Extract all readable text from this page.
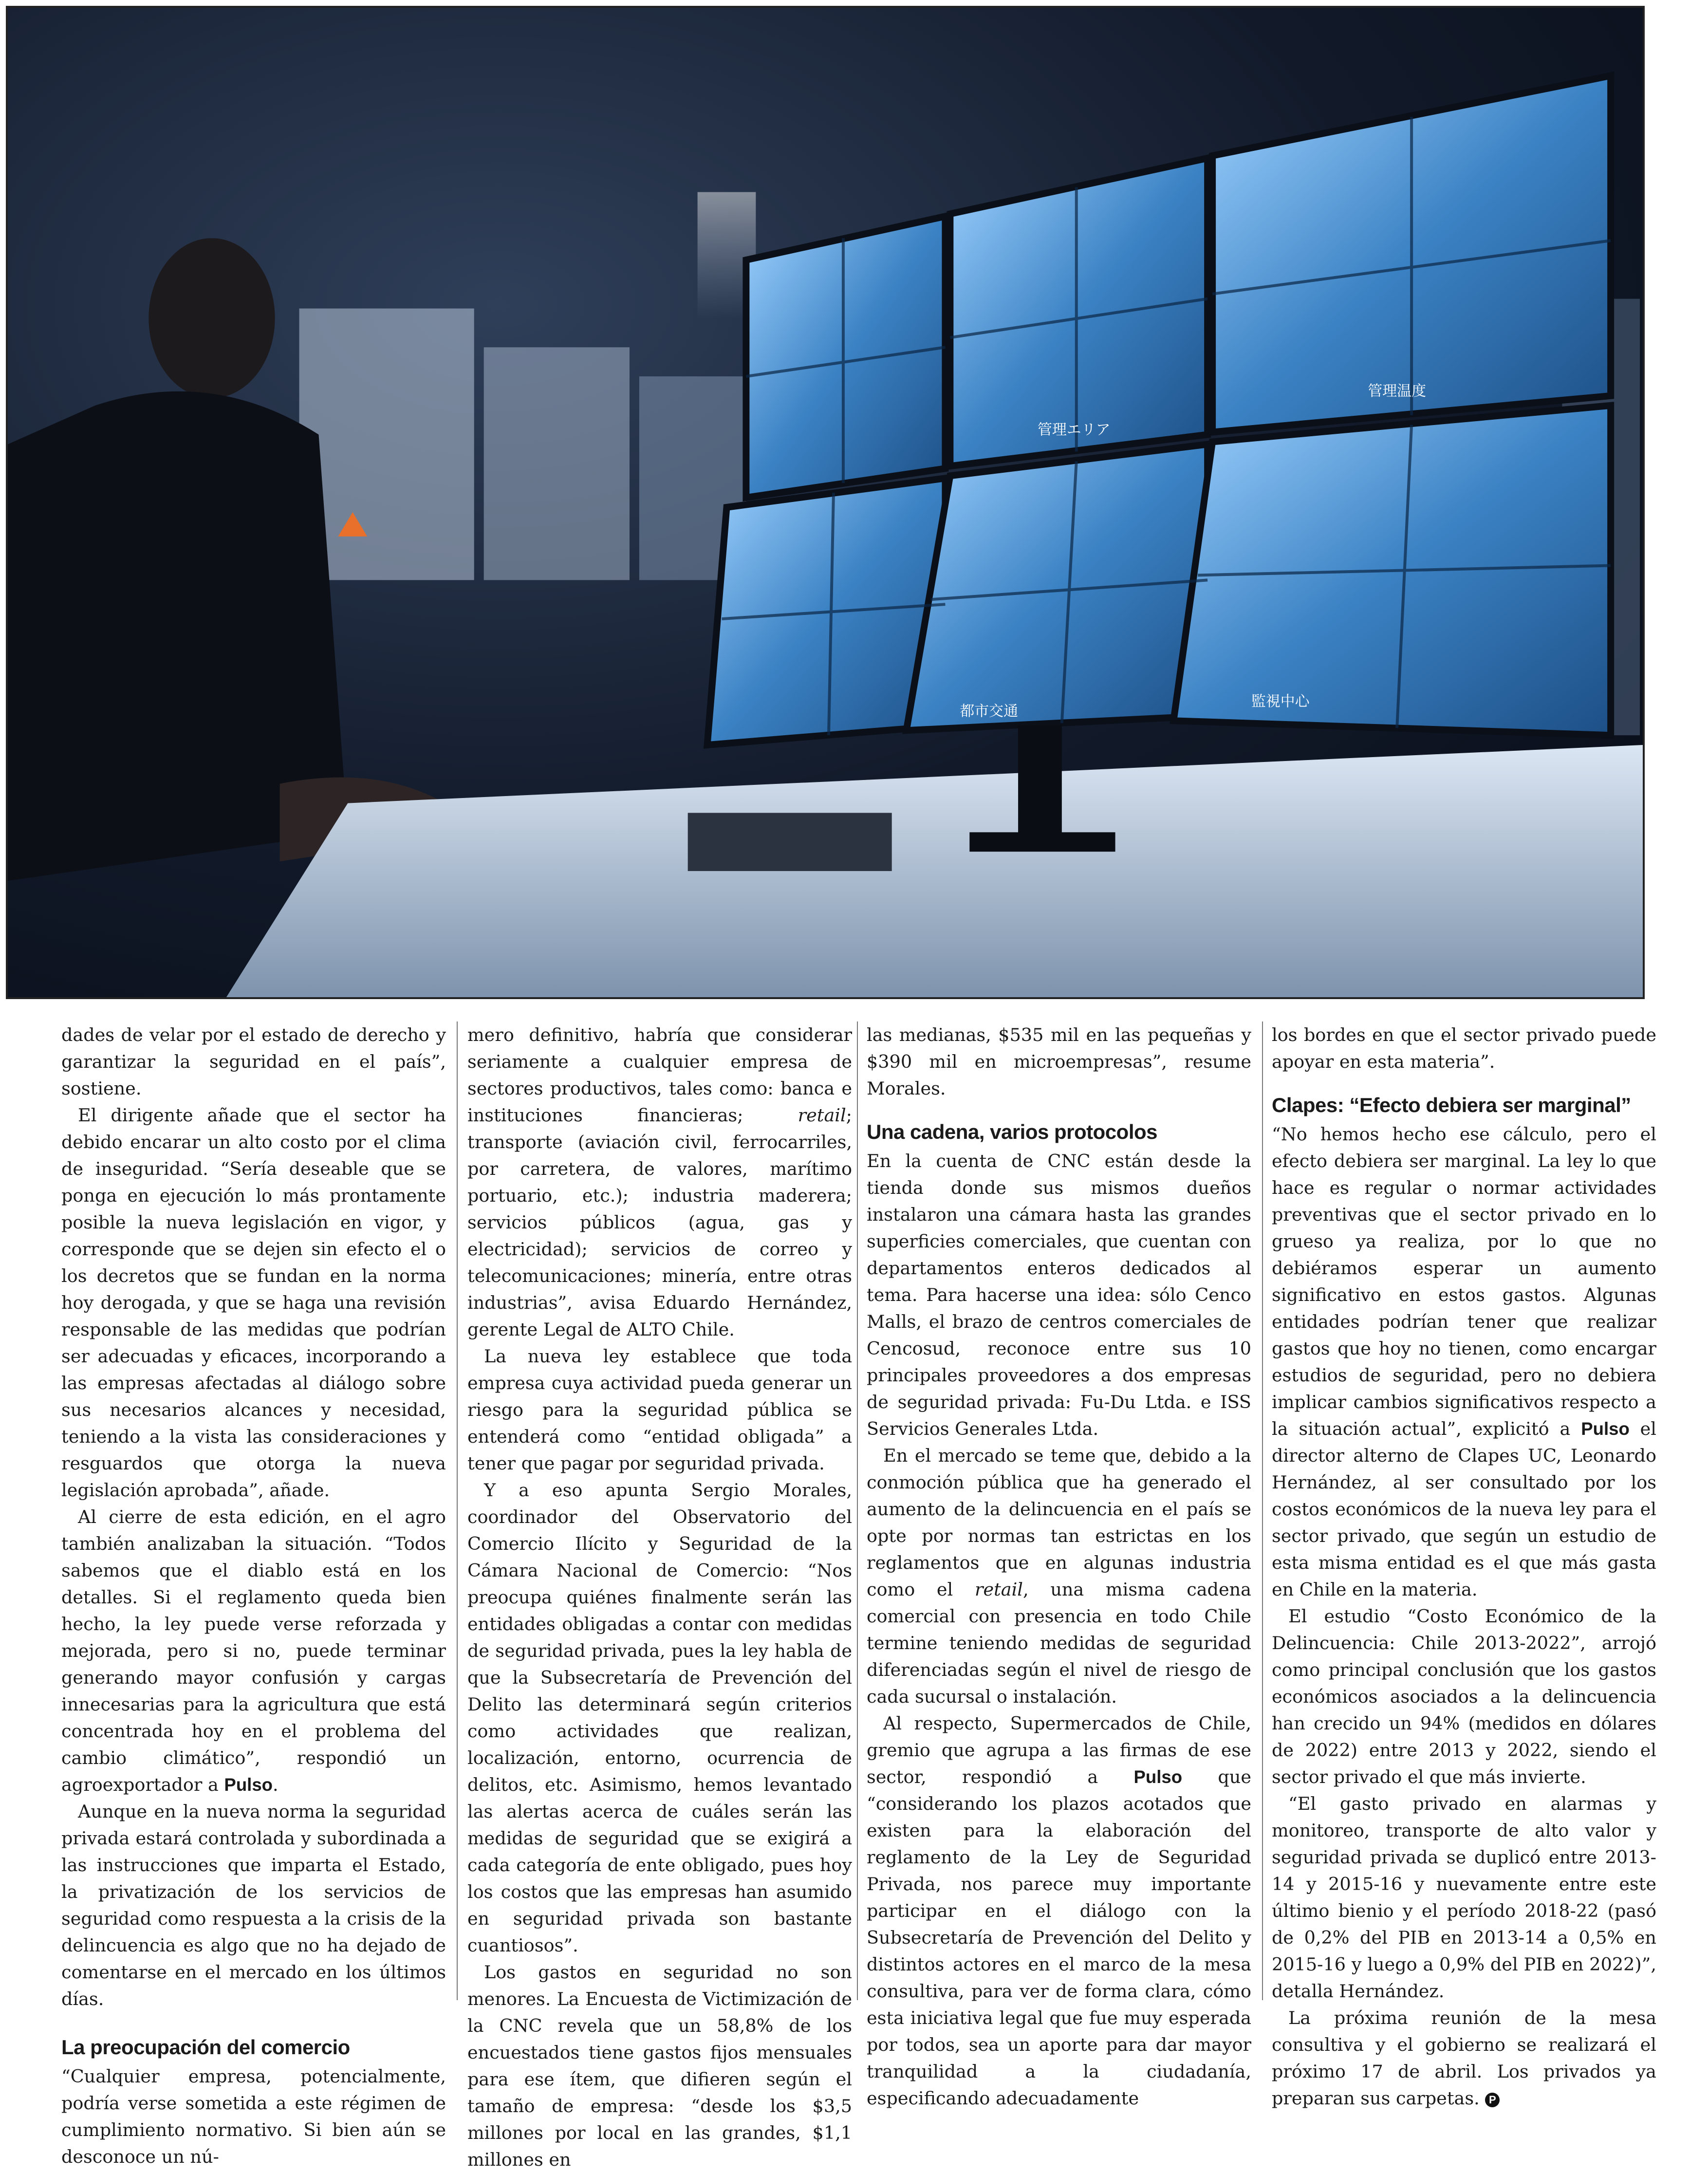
管理エリア
管理温度
都市交通
監視中心

dades de velar por el estado de derecho y garantizar la seguridad en el país”, sostiene.

El dirigente añade que el sector ha debido encarar un alto costo por el clima de inseguridad. “Sería deseable que se ponga en ejecución lo más prontamente posible la nueva legislación en vigor, y corresponde que se dejen sin efecto el o los decretos que se fundan en la norma hoy derogada, y que se haga una revisión responsable de las medidas que podrían ser adecuadas y eficaces, incorporando a las empresas afectadas al diálogo sobre sus necesarios alcances y necesidad, teniendo a la vista las consideraciones y resguardos que otorga la nueva legislación aprobada”, añade.

Al cierre de esta edición, en el agro también analizaban la situación. “Todos sabemos que el diablo está en los detalles. Si el reglamento queda bien hecho, la ley puede verse reforzada y mejorada, pero si no, puede terminar generando mayor confusión y cargas innecesarias para la agricultura que está concentrada hoy en el problema del cambio climático”, respondió un agroexportador a Pulso.

Aunque en la nueva norma la seguridad privada estará controlada y subordinada a las instrucciones que imparta el Estado, la privatización de los servicios de seguridad como respuesta a la crisis de la delincuencia es algo que no ha dejado de comentarse en el mercado en los últimos días.

La preocupación del comercio

“Cualquier empresa, potencialmente, podría verse sometida a este régimen de cumplimiento normativo. Si bien aún se desconoce un nú-

mero definitivo, habría que considerar seriamente a cualquier empresa de sectores productivos, tales como: banca e instituciones financieras; retail; transporte (aviación civil, ferrocarriles, por carretera, de valores, marítimo portuario, etc.); industria maderera; servicios públicos (agua, gas y electricidad); servicios de correo y telecomunicaciones; minería, entre otras industrias”, avisa Eduardo Hernández, gerente Legal de ALTO Chile.

La nueva ley establece que toda empresa cuya actividad pueda generar un riesgo para la seguridad pública se entenderá como “entidad obligada” a tener que pagar por seguridad privada.

Y a eso apunta Sergio Morales, coordinador del Observatorio del Comercio Ilícito y Seguridad de la Cámara Nacional de Comercio: “Nos preocupa quiénes finalmente serán las entidades obligadas a contar con medidas de seguridad privada, pues la ley habla de que la Subsecretaría de Prevención del Delito las determinará según criterios como actividades que realizan, localización, entorno, ocurrencia de delitos, etc. Asimismo, hemos levantado las alertas acerca de cuáles serán las medidas de seguridad que se exigirá a cada categoría de ente obligado, pues hoy los costos que las empresas han asumido en seguridad privada son bastante cuantiosos”.

Los gastos en seguridad no son menores. La Encuesta de Victimización de la CNC revela que un 58,8% de los encuestados tiene gastos fijos mensuales para ese ítem, que difieren según el tamaño de empresa: “desde los $3,5 millones por local en las grandes, $1,1 millones en

las medianas, $535 mil en las pequeñas y $390 mil en microempresas”, resume Morales.

Una cadena, varios protocolos

En la cuenta de CNC están desde la tienda donde sus mismos dueños instalaron una cámara hasta las grandes superficies comerciales, que cuentan con departamentos enteros dedicados al tema. Para hacerse una idea: sólo Cenco Malls, el brazo de centros comerciales de Cencosud, reconoce entre sus 10 principales proveedores a dos empresas de seguridad privada: Fu-Du Ltda. e ISS Servicios Generales Ltda.

En el mercado se teme que, debido a la conmoción pública que ha generado el aumento de la delincuencia en el país se opte por normas tan estrictas en los reglamentos que en algunas industria como el retail, una misma cadena comercial con presencia en todo Chile termine teniendo medidas de seguridad diferenciadas según el nivel de riesgo de cada sucursal o instalación.

Al respecto, Supermercados de Chile, gremio que agrupa a las firmas de ese sector, respondió a Pulso que “considerando los plazos acotados que existen para la elaboración del reglamento de la Ley de Seguridad Privada, nos parece muy importante participar en el diálogo con la Subsecretaría de Prevención del Delito y distintos actores en el marco de la mesa consultiva, para ver de forma clara, cómo esta iniciativa legal que fue muy esperada por todos, sea un aporte para dar mayor tranquilidad a la ciudadanía, especificando adecuadamente

los bordes en que el sector privado puede apoyar en esta materia”.

Clapes: “Efecto debiera ser marginal”

“No hemos hecho ese cálculo, pero el efecto debiera ser marginal. La ley lo que hace es regular o normar actividades preventivas que el sector privado en lo grueso ya realiza, por lo que no debiéramos esperar un aumento significativo en estos gastos. Algunas entidades podrían tener que realizar gastos que hoy no tienen, como encargar estudios de seguridad, pero no debiera implicar cambios significativos respecto a la situación actual”, explicitó a Pulso el director alterno de Clapes UC, Leonardo Hernández, al ser consultado por los costos económicos de la nueva ley para el sector privado, que según un estudio de esta misma entidad es el que más gasta en Chile en la materia.

El estudio “Costo Económico de la Delincuencia: Chile 2013-2022”, arrojó como principal conclusión que los gastos económicos asociados a la delincuencia han crecido un 94% (medidos en dólares de 2022) entre 2013 y 2022, siendo el sector privado el que más invierte.

“El gasto privado en alarmas y monitoreo, transporte de alto valor y seguridad privada se duplicó entre 2013-14 y 2015-16 y nuevamente entre este último bienio y el período 2018-22 (pasó de 0,2% del PIB en 2013-14 a 0,5% en 2015-16 y luego a 0,9% del PIB en 2022)”, detalla Hernández.

La próxima reunión de la mesa consultiva y el gobierno se realizará el próximo 17 de abril. Los privados ya preparan sus carpetas. P
